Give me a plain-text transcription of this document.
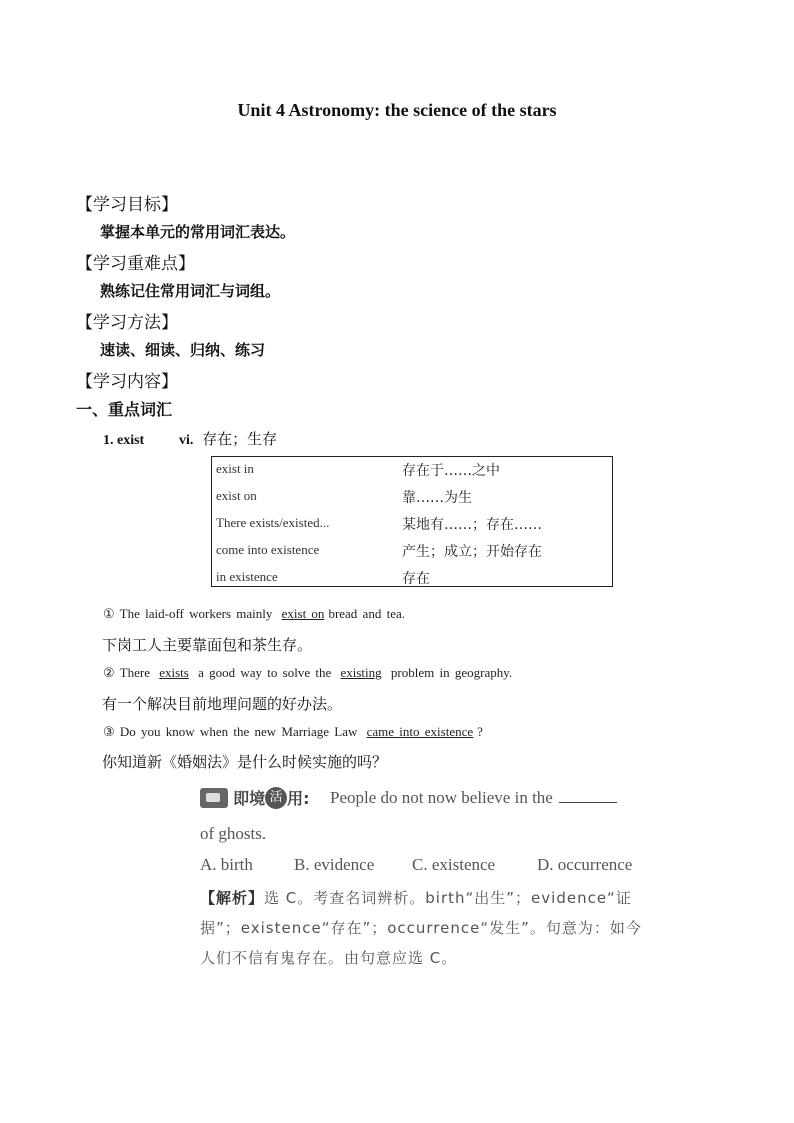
Unit 4 Astronomy: the science of the stars
【学习目标】
掌握本单元的常用词汇表达。
【学习重难点】
熟练记住常用词汇与词组。
【学习方法】
速读、细读、归纳、练习
【学习内容】
一、重点词汇
1. exist vi. 存在；生存
exist in	存在于……之中
exist on	靠……为生
There exists/existed...	某地有……；存在……
come into existence	产生；成立；开始存在
in existence	存在
① The laid-off workers mainly exist on bread and tea.
下岗工人主要靠面包和茶生存。
② There exists a good way to solve the existing problem in geography.
有一个解决目前地理问题的好办法。
③ Do you know when the new Marriage Law came into existence ?
你知道新《婚姻法》是什么时候实施的吗？
即境 活 用: People do not now believe in the
of ghosts.
A. birth B. evidence C. existence D. occurrence
【解析】选 C。考查名词辨析。birth“出生”；evidence“证
据”；existence“存在”；occurrence“发生”。句意为：如今
人们不信有鬼存在。由句意应选 C。
